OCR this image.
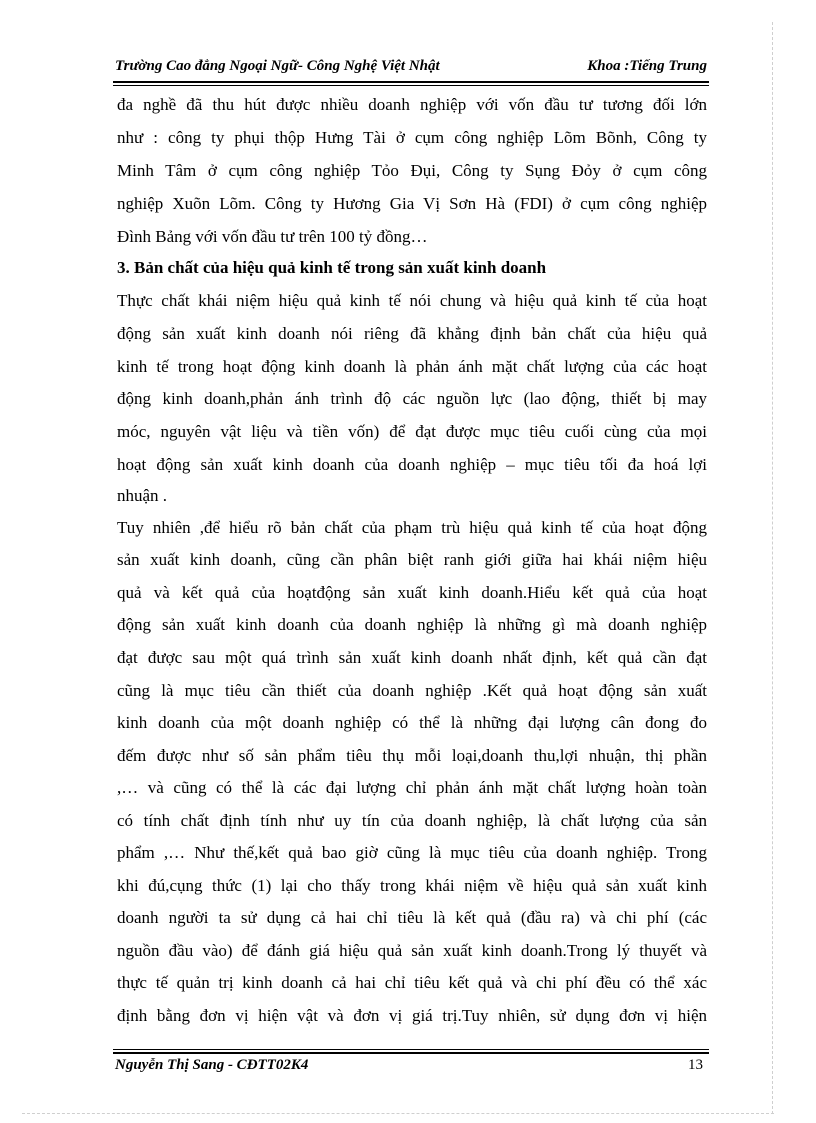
Trường Cao đẳng Ngoại Ngữ- Công Nghệ Việt Nhật	Khoa :Tiếng Trung
đa nghề đã thu hút được nhiều doanh nghiệp với vốn đầu tư tương đối lớn
như : công ty phụi thộp Hưng Tài ở cụm công nghiệp Lõm Bõnh, Công ty
Minh Tâm ở cụm công nghiệp Tỏo Đụi, Công ty Sụng Đỏy ở cụm công
nghiệp Xuõn Lõm. Công ty Hương Gia Vị Sơn Hà (FDI) ở cụm công nghiệp
Đình Bảng với vốn đầu tư trên 100 tỷ đồng…
3. Bản chất của hiệu quả kinh tế trong sản xuất kinh doanh
Thực chất khái niệm hiệu quả kinh tế nói chung và hiệu quả kinh tế của hoạt
động sản xuất kinh doanh nói riêng đã khẳng định bản chất của hiệu quả
kinh tế trong hoạt động kinh doanh là phản ánh mặt chất lượng của các hoạt
động kinh doanh,phản ánh trình độ các nguồn lực (lao động, thiết bị may
móc, nguyên vật liệu và tiền vốn) để đạt được mục tiêu cuối cùng của mọi
hoạt động sản xuất kinh doanh của doanh nghiệp – mục tiêu tối đa hoá lợi
nhuận .
Tuy nhiên ,để hiểu rõ bản chất của phạm trù hiệu quả kinh tế của hoạt động
sản xuất kinh doanh, cũng cần phân biệt ranh giới giữa hai khái niệm hiệu
quả và kết quả của hoạtđộng sản xuất kinh doanh.Hiểu kết quả của hoạt
động sản xuất kinh doanh của doanh nghiệp là những gì mà doanh nghiệp
đạt được sau một quá trình sản xuất kinh doanh nhất định, kết quả cần đạt
cũng là mục tiêu cần thiết của doanh nghiệp .Kết quả hoạt động sản xuất
kinh doanh của một doanh nghiệp có thể là những đại lượng cân đong đo
đếm được như số sản phẩm tiêu thụ mỗi loại,doanh thu,lợi nhuận, thị phần
,… và cũng có thể là các đại lượng chỉ phản ánh mặt chất lượng hoàn toàn
có tính chất định tính như uy tín của doanh nghiệp, là chất lượng của sản
phẩm ,… Như thế,kết quả bao giờ cũng là mục tiêu của doanh nghiệp. Trong
khi đú,cụng thức (1) lại cho thấy trong khái niệm về hiệu quả sản xuất kinh
doanh người ta sử dụng cả hai chỉ tiêu là kết quả (đầu ra) và chi phí (các
nguồn đầu vào) để đánh giá hiệu quả sản xuất kinh doanh.Trong lý thuyết và
thực tế quản trị kinh doanh cả hai chỉ tiêu kết quả và chi phí đều có thể xác
định bằng đơn vị hiện vật và đơn vị giá trị.Tuy nhiên, sử dụng đơn vị hiện
Nguyễn Thị Sang - CĐTT02K4	13
